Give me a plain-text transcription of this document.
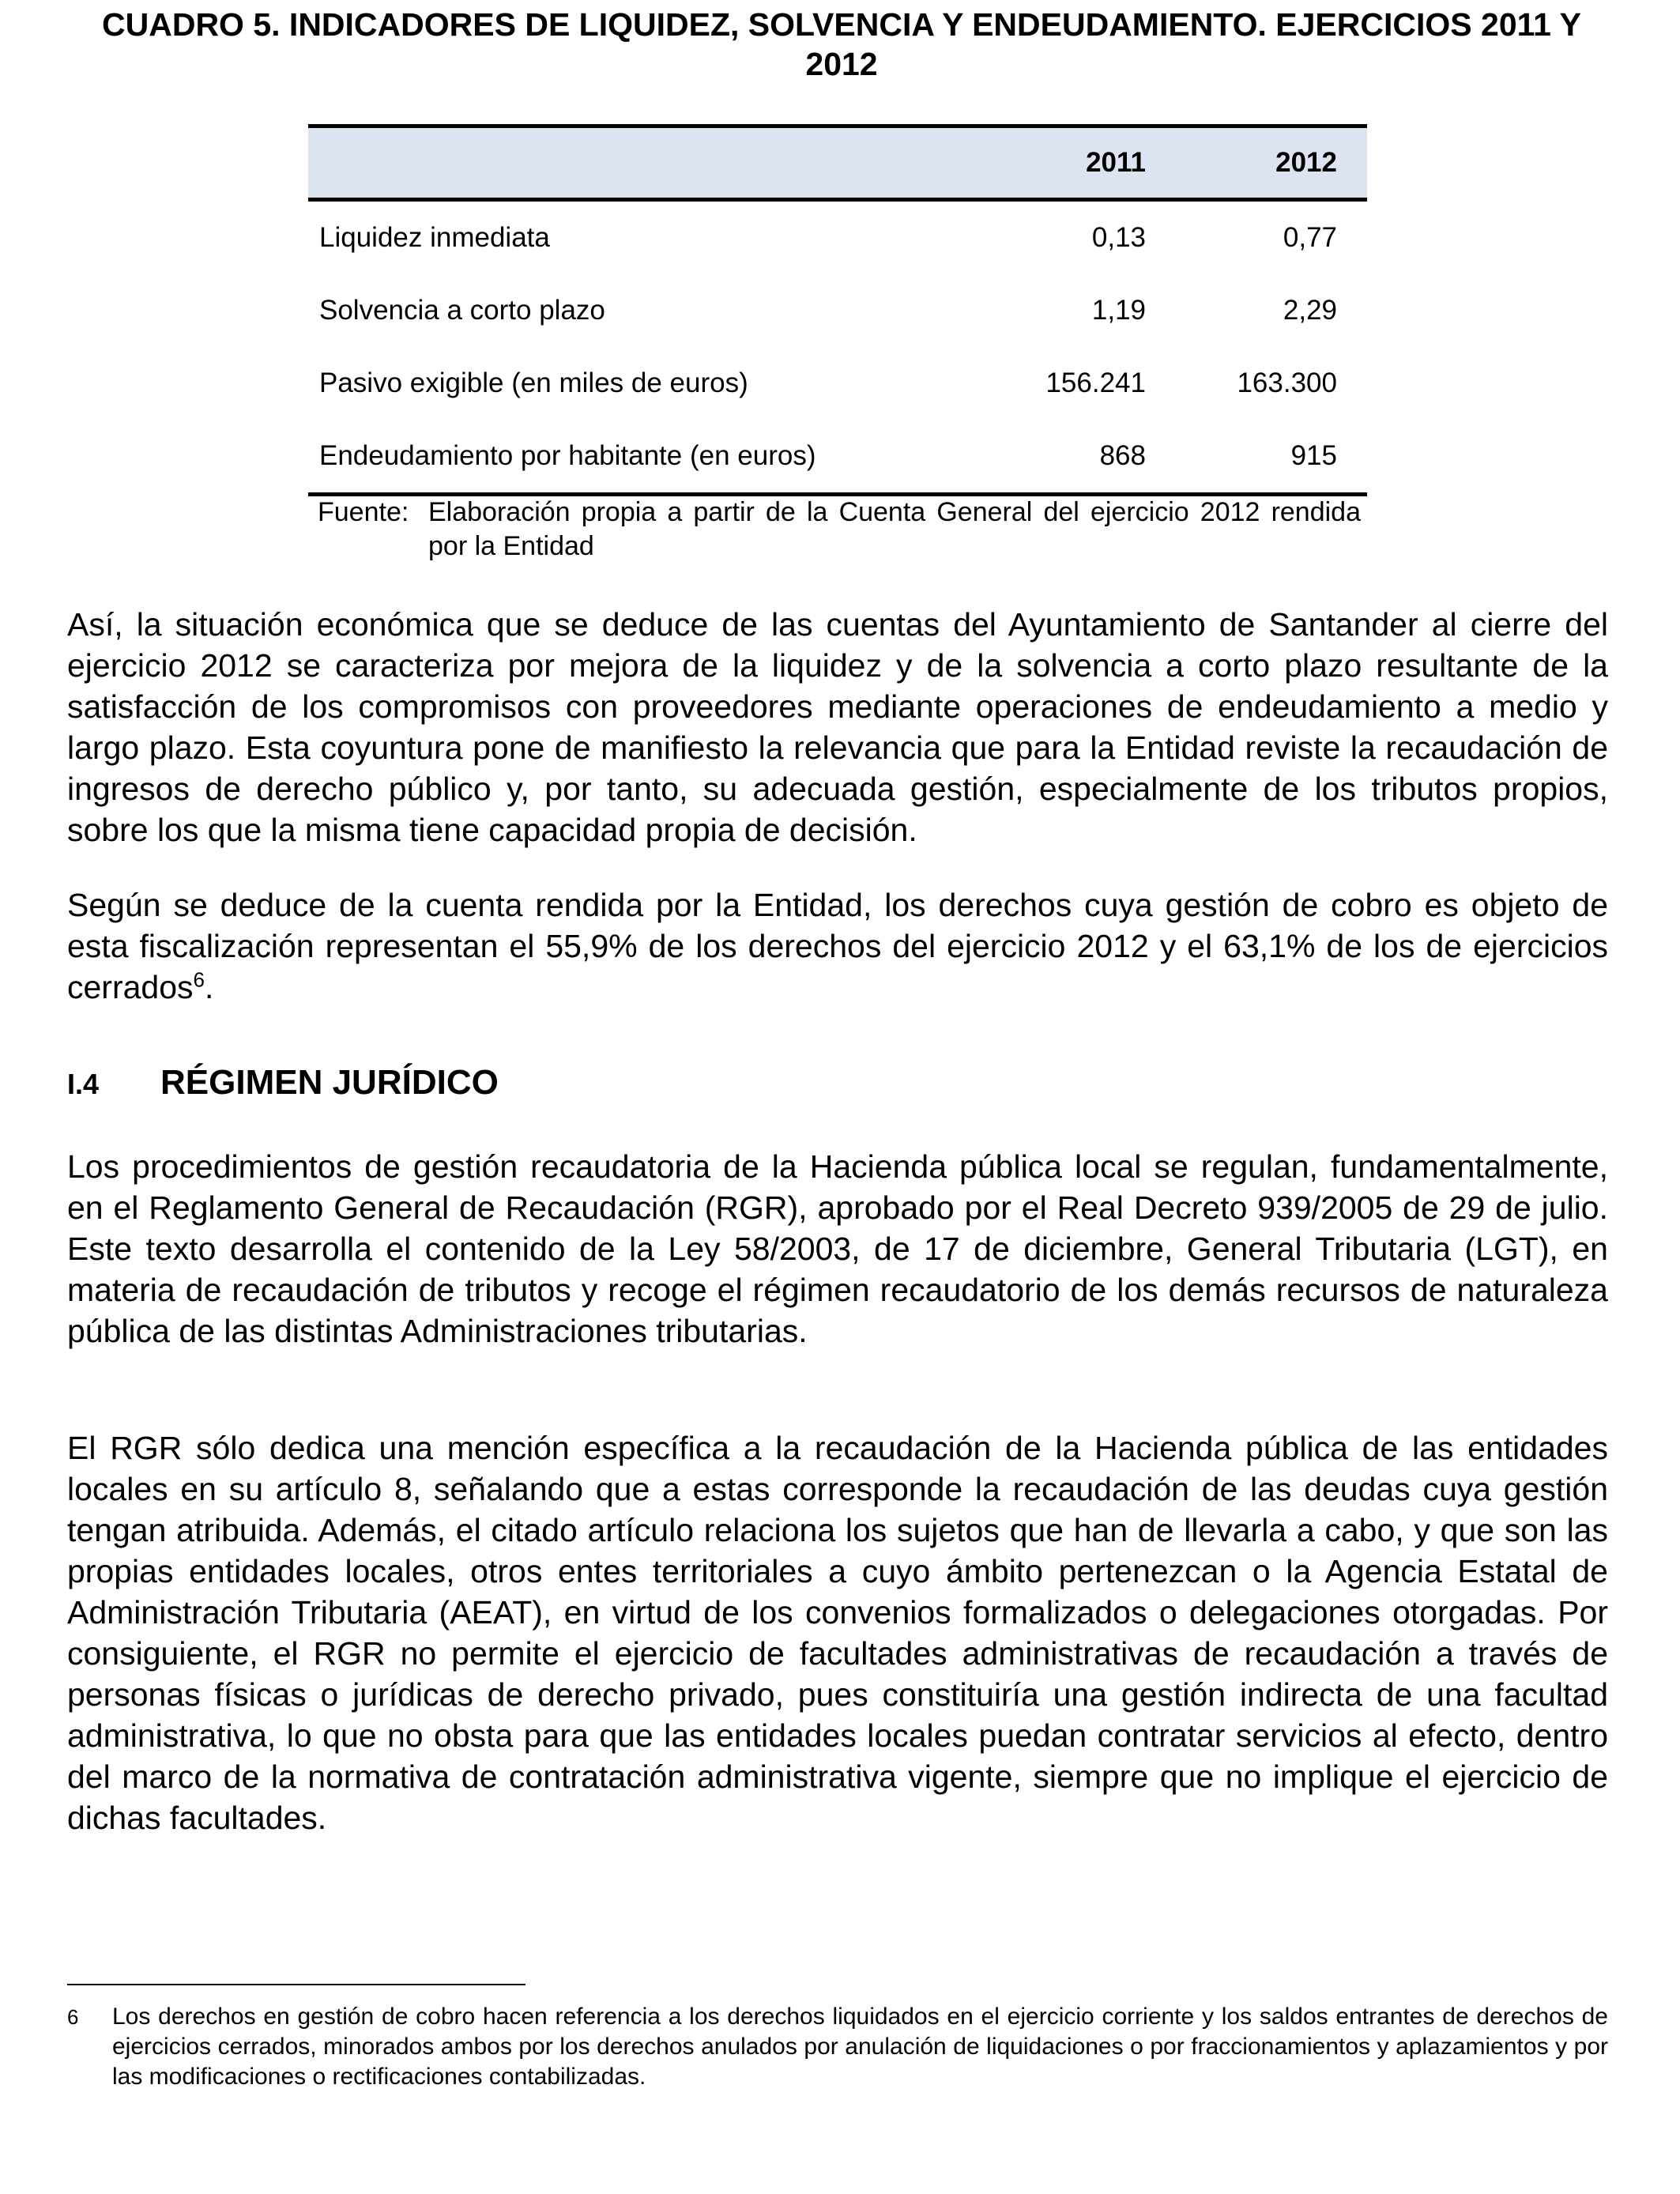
CUADRO 5. INDICADORES DE LIQUIDEZ, SOLVENCIA Y ENDEUDAMIENTO. EJERCICIOS 2011 Y 2012
	2011	2012
Liquidez inmediata	0,13	0,77
Solvencia a corto plazo	1,19	2,29
Pasivo exigible (en miles de euros)	156.241	163.300
Endeudamiento por habitante (en euros)	868	915
Fuente: Elaboración propia a partir de la Cuenta General del ejercicio 2012 rendida por la Entidad

Así, la situación económica que se deduce de las cuentas del Ayuntamiento de Santander al cierre del ejercicio 2012 se caracteriza por mejora de la liquidez y de la solvencia a corto plazo resultante de la satisfacción de los compromisos con proveedores mediante operaciones de endeudamiento a medio y largo plazo. Esta coyuntura pone de manifiesto la relevancia que para la Entidad reviste la recaudación de ingresos de derecho público y, por tanto, su adecuada gestión, especialmente de los tributos propios, sobre los que la misma tiene capacidad propia de decisión.

Según se deduce de la cuenta rendida por la Entidad, los derechos cuya gestión de cobro es objeto de esta fiscalización representan el 55,9% de los derechos del ejercicio 2012 y el 63,1% de los de ejercicios cerrados$^6$.

I.4	RÉGIMEN JURÍDICO

Los procedimientos de gestión recaudatoria de la Hacienda pública local se regulan, fundamentalmente, en el Reglamento General de Recaudación (RGR), aprobado por el Real Decreto 939/2005 de 29 de julio. Este texto desarrolla el contenido de la Ley 58/2003, de 17 de diciembre, General Tributaria (LGT), en materia de recaudación de tributos y recoge el régimen recaudatorio de los demás recursos de naturaleza pública de las distintas Administraciones tributarias.

El RGR sólo dedica una mención específica a la recaudación de la Hacienda pública de las entidades locales en su artículo 8, señalando que a estas corresponde la recaudación de las deudas cuya gestión tengan atribuida. Además, el citado artículo relaciona los sujetos que han de llevarla a cabo, y que son las propias entidades locales, otros entes territoriales a cuyo ámbito pertenezcan o la Agencia Estatal de Administración Tributaria (AEAT), en virtud de los convenios formalizados o delegaciones otorgadas. Por consiguiente, el RGR no permite el ejercicio de facultades administrativas de recaudación a través de personas físicas o jurídicas de derecho privado, pues constituiría una gestión indirecta de una facultad administrativa, lo que no obsta para que las entidades locales puedan contratar servicios al efecto, dentro del marco de la normativa de contratación administrativa vigente, siempre que no implique el ejercicio de dichas facultades.

6	Los derechos en gestión de cobro hacen referencia a los derechos liquidados en el ejercicio corriente y los saldos entrantes de derechos de ejercicios cerrados, minorados ambos por los derechos anulados por anulación de liquidaciones o por fraccionamientos y aplazamientos y por las modificaciones o rectificaciones contabilizadas.
